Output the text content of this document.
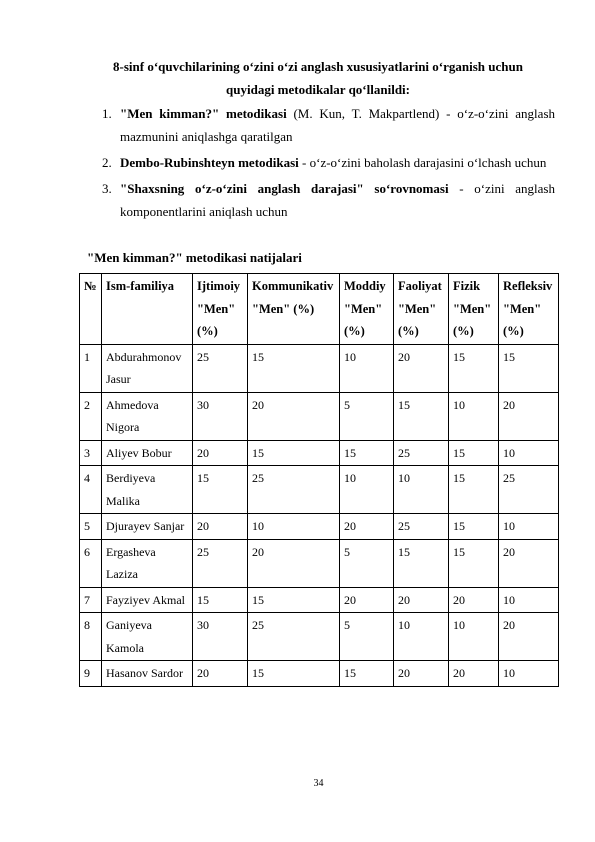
8-sinf o‘quvchilarining o‘zini o‘zi anglash xususiyatlarini o‘rganish uchun quyidagi metodikalar qo‘llanildi:
1. "Men kimman?" metodikasi (M. Kun, T. Makpartlend) - o‘z-o‘zini anglash mazmunini aniqlashga qaratilgan
2. Dembo-Rubinshteyn metodikasi - o‘z-o‘zini baholash darajasini o‘lchash uchun
3. "Shaxsning o‘z-o‘zini anglash darajasi" so‘rovnomasi - o‘zini anglash komponentlarini aniqlash uchun
"Men kimman?" metodikasi natijalari
№	Ism-familiya	Ijtimoiy "Men" (%)	Kommunikativ "Men" (%)	Moddiy "Men" (%)	Faoliyat "Men" (%)	Fizik "Men" (%)	Refleksiv "Men" (%)
1	Abdurahmonov Jasur	25	15	10	20	15	15
2	Ahmedova Nigora	30	20	5	15	10	20
3	Aliyev Bobur	20	15	15	25	15	10
4	Berdiyeva Malika	15	25	10	10	15	25
5	Djurayev Sanjar	20	10	20	25	15	10
6	Ergasheva Laziza	25	20	5	15	15	20
7	Fayziyev Akmal	15	15	20	20	20	10
8	Ganiyeva Kamola	30	25	5	10	10	20
9	Hasanov Sardor	20	15	15	20	20	10
34
